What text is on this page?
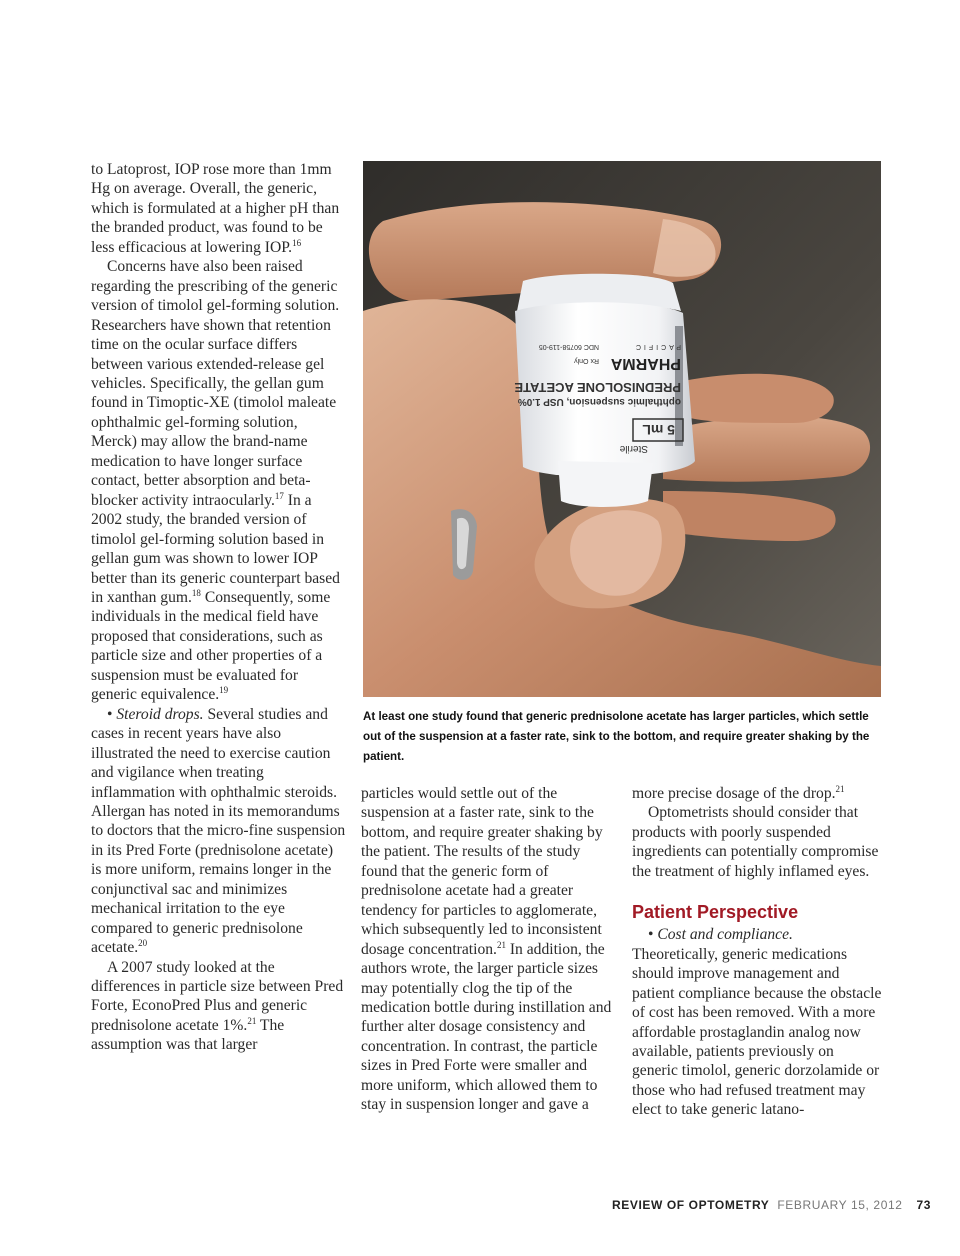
to Latoprost, IOP rose more than 1mm Hg on average. Overall, the generic, which is formulated at a higher pH than the branded product, was found to be less efficacious at lowering IOP.$^{16}$

Concerns have also been raised regarding the prescribing of the generic version of timolol gel-forming solution. Researchers have shown that retention time on the ocular surface differs between various extended-release gel vehicles. Specifically, the gellan gum found in Timoptic-XE (timolol maleate ophthalmic gel-forming solution, Merck) may allow the brand-name medication to have longer surface contact, better absorption and beta-blocker activity intraocularly.$^{17}$ In a 2002 study, the branded version of timolol gel-forming solution based in gellan gum was shown to lower IOP better than its generic counterpart based in xanthan gum.$^{18}$ Consequently, some individuals in the medical field have proposed that considerations, such as particle size and other properties of a suspension must be evaluated for generic equivalence.$^{19}$

• Steroid drops. Several studies and cases in recent years have also illustrated the need to exercise caution and vigilance when treating inflammation with ophthalmic steroids. Allergan has noted in its memorandums to doctors that the micro-fine suspension in its Pred Forte (prednisolone acetate) is more uniform, remains longer in the conjunctival sac and minimizes mechanical irritation to the eye compared to generic prednisolone acetate.$^{20}$

A 2007 study looked at the differences in particle size between Pred Forte, EconoPred Plus and generic prednisolone acetate 1%.$^{21}$ The assumption was that larger

Sterile
5 mL
ophthalmic suspension, USP 1.0%
PREDNISOLONE ACETATE
PHARMA
PACIFIC
Rx Only
NDC 60758-119-05
At least one study found that generic prednisolone acetate has larger particles, which settle out of the suspension at a faster rate, sink to the bottom, and require greater shaking by the patient.

particles would settle out of the suspension at a faster rate, sink to the bottom, and require greater shaking by the patient. The results of the study found that the generic form of prednisolone acetate had a greater tendency for particles to agglomerate, which subsequently led to inconsistent dosage concentration.$^{21}$ In addition, the authors wrote, the larger particle sizes may potentially clog the tip of the medication bottle during instillation and further alter dosage consistency and concentration. In contrast, the particle sizes in Pred Forte were smaller and more uniform, which allowed them to stay in suspension longer and gave a

more precise dosage of the drop.$^{21}$

Optometrists should consider that products with poorly suspended ingredients can potentially compromise the treatment of highly inflamed eyes.

Patient Perspective

• Cost and compliance. Theoretically, generic medications should improve management and patient compliance because the obstacle of cost has been removed. With a more affordable prostaglandin analog now available, patients previously on generic timolol, generic dorzolamide or those who had refused treatment may elect to take generic latano-

REVIEW OF OPTOMETRY FEBRUARY 15, 2012 73
